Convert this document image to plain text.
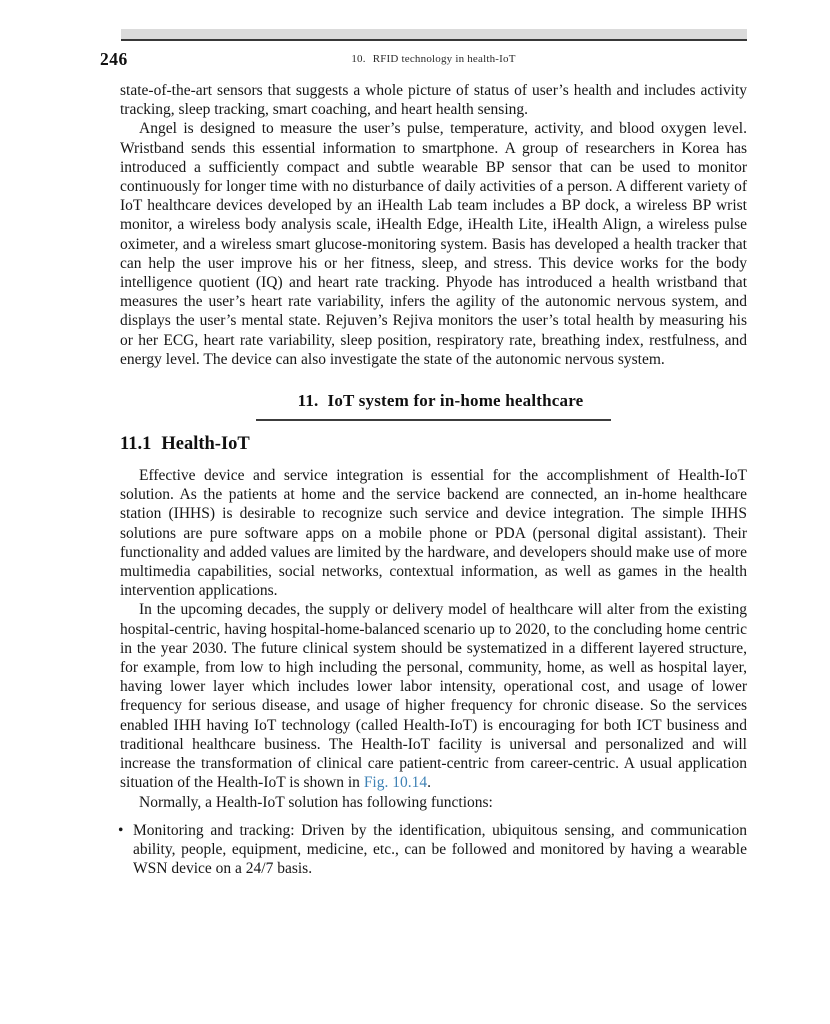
246	10. RFID technology in health-IoT

state-of-the-art sensors that suggests a whole picture of status of user’s health and includes activity tracking, sleep tracking, smart coaching, and heart health sensing.

Angel is designed to measure the user’s pulse, temperature, activity, and blood oxygen level. Wristband sends this essential information to smartphone. A group of researchers in Korea has introduced a sufficiently compact and subtle wearable BP sensor that can be used to monitor continuously for longer time with no disturbance of daily activities of a person. A different variety of IoT healthcare devices developed by an iHealth Lab team includes a BP dock, a wireless BP wrist monitor, a wireless body analysis scale, iHealth Edge, iHealth Lite, iHealth Align, a wireless pulse oximeter, and a wireless smart glucose-monitoring system. Basis has developed a health tracker that can help the user improve his or her fitness, sleep, and stress. This device works for the body intelligence quotient (IQ) and heart rate tracking. Phyode has introduced a health wristband that measures the user’s heart rate variability, infers the agility of the autonomic nervous system, and displays the user’s mental state. Rejuven’s Rejiva monitors the user’s total health by measuring his or her ECG, heart rate variability, sleep position, respiratory rate, breathing index, restfulness, and energy level. The device can also investigate the state of the autonomic nervous system.

11. IoT system for in-home healthcare
11.1 Health-IoT

Effective device and service integration is essential for the accomplishment of Health-IoT solution. As the patients at home and the service backend are connected, an in-home healthcare station (IHHS) is desirable to recognize such service and device integration. The simple IHHS solutions are pure software apps on a mobile phone or PDA (personal digital assistant). Their functionality and added values are limited by the hardware, and developers should make use of more multimedia capabilities, social networks, contextual information, as well as games in the health intervention applications.

In the upcoming decades, the supply or delivery model of healthcare will alter from the existing hospital-centric, having hospital-home-balanced scenario up to 2020, to the concluding home centric in the year 2030. The future clinical system should be systematized in a different layered structure, for example, from low to high including the personal, community, home, as well as hospital layer, having lower layer which includes lower labor intensity, operational cost, and usage of lower frequency for serious disease, and usage of higher frequency for chronic disease. So the services enabled IHH having IoT technology (called Health-IoT) is encouraging for both ICT business and traditional healthcare business. The Health-IoT facility is universal and personalized and will increase the transformation of clinical care patient-centric from career-centric. A usual application situation of the Health-IoT is shown in Fig. 10.14.

Normally, a Health-IoT solution has following functions:

• Monitoring and tracking: Driven by the identification, ubiquitous sensing, and communication ability, people, equipment, medicine, etc., can be followed and monitored by having a wearable WSN device on a 24/7 basis.
